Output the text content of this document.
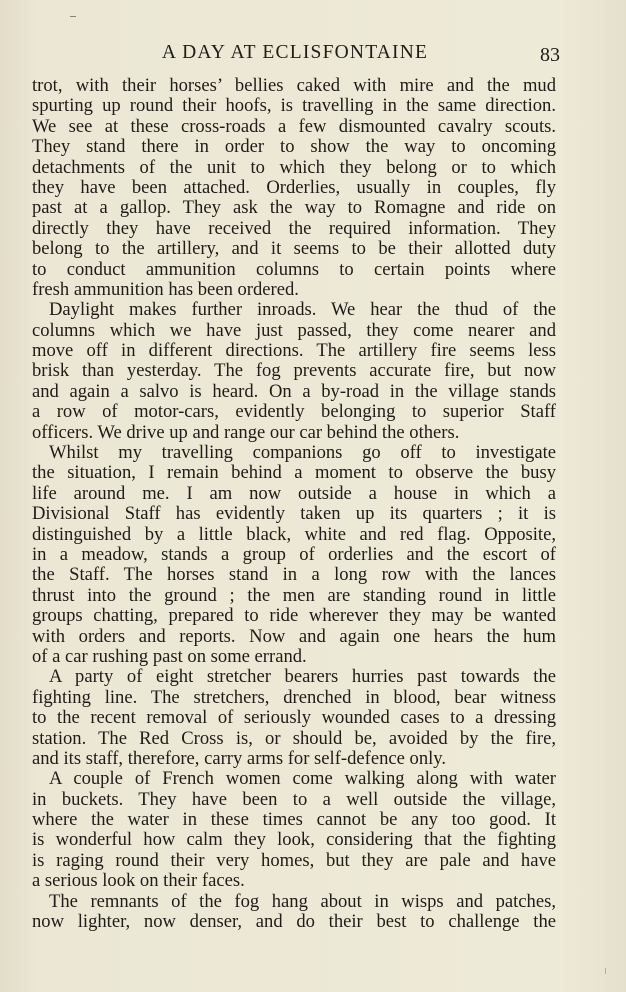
A DAY AT ECLISFONTAINE	83
trot, with their horses’ bellies caked with mire and the mud
spurting up round their hoofs, is travelling in the same direction.
We see at these cross-roads a few dismounted cavalry scouts.
They stand there in order to show the way to oncoming
detachments of the unit to which they belong or to which
they have been attached. Orderlies, usually in couples, fly
past at a gallop. They ask the way to Romagne and ride on
directly they have received the required information. They
belong to the artillery, and it seems to be their allotted duty
to conduct ammunition columns to certain points where
fresh ammunition has been ordered.
Daylight makes further inroads. We hear the thud of the
columns which we have just passed, they come nearer and
move off in different directions. The artillery fire seems less
brisk than yesterday. The fog prevents accurate fire, but now
and again a salvo is heard. On a by-road in the village stands
a row of motor-cars, evidently belonging to superior Staff
officers. We drive up and range our car behind the others.
Whilst my travelling companions go off to investigate
the situation, I remain behind a moment to observe the busy
life around me. I am now outside a house in which a
Divisional Staff has evidently taken up its quarters ; it is
distinguished by a little black, white and red flag. Opposite,
in a meadow, stands a group of orderlies and the escort of
the Staff. The horses stand in a long row with the lances
thrust into the ground ; the men are standing round in little
groups chatting, prepared to ride wherever they may be wanted
with orders and reports. Now and again one hears the hum
of a car rushing past on some errand.
A party of eight stretcher bearers hurries past towards the
fighting line. The stretchers, drenched in blood, bear witness
to the recent removal of seriously wounded cases to a dressing
station. The Red Cross is, or should be, avoided by the fire,
and its staff, therefore, carry arms for self-defence only.
A couple of French women come walking along with water
in buckets. They have been to a well outside the village,
where the water in these times cannot be any too good. It
is wonderful how calm they look, considering that the fighting
is raging round their very homes, but they are pale and have
a serious look on their faces.
The remnants of the fog hang about in wisps and patches,
now lighter, now denser, and do their best to challenge the
